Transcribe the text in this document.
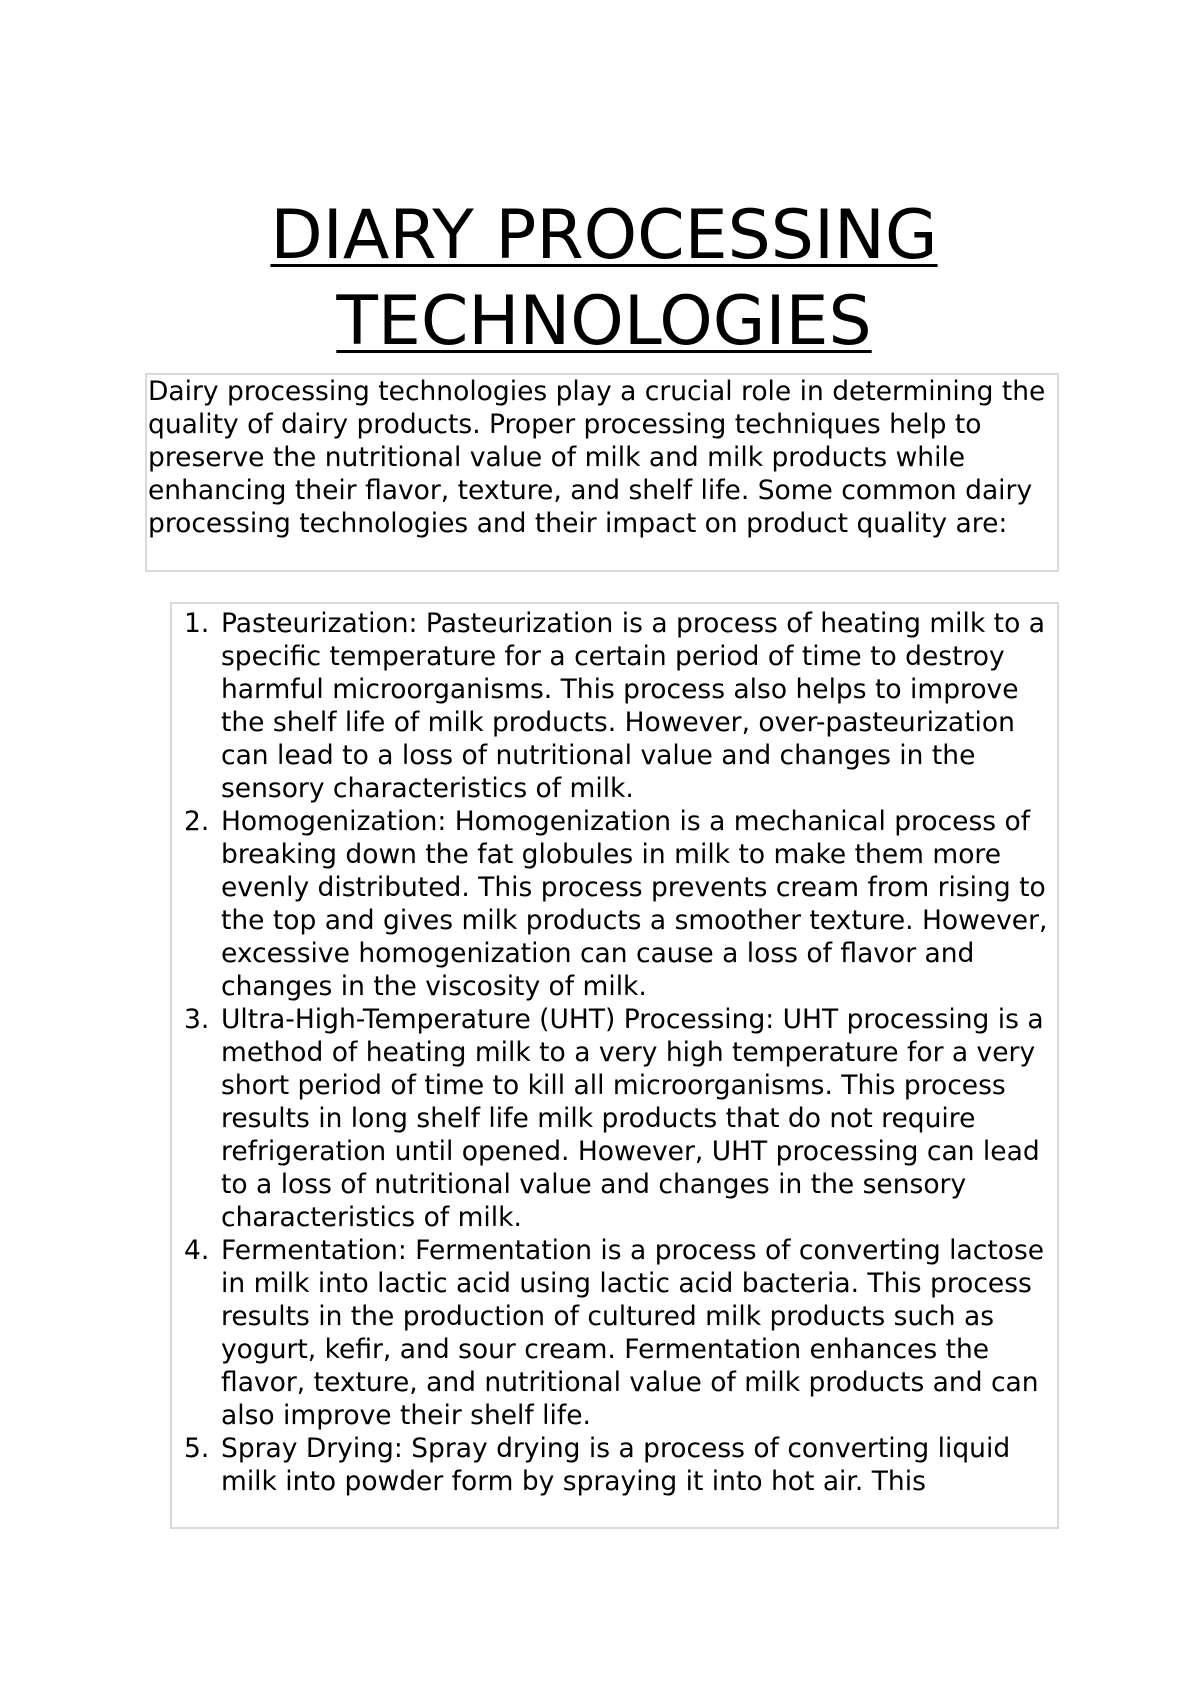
DIARY PROCESSING
TECHNOLOGIES

Dairy processing technologies play a crucial role in determining the quality of dairy products. Proper processing techniques help to preserve the nutritional value of milk and milk products while enhancing their flavor, texture, and shelf life. Some common dairy processing technologies and their impact on product quality are:

1. Pasteurization: Pasteurization is a process of heating milk to a specific temperature for a certain period of time to destroy harmful microorganisms. This process also helps to improve the shelf life of milk products. However, over-pasteurization can lead to a loss of nutritional value and changes in the sensory characteristics of milk.
2. Homogenization: Homogenization is a mechanical process of breaking down the fat globules in milk to make them more evenly distributed. This process prevents cream from rising to the top and gives milk products a smoother texture. However, excessive homogenization can cause a loss of flavor and changes in the viscosity of milk.
3. Ultra-High-Temperature (UHT) Processing: UHT processing is a method of heating milk to a very high temperature for a very short period of time to kill all microorganisms. This process results in long shelf life milk products that do not require refrigeration until opened. However, UHT processing can lead to a loss of nutritional value and changes in the sensory characteristics of milk.
4. Fermentation: Fermentation is a process of converting lactose in milk into lactic acid using lactic acid bacteria. This process results in the production of cultured milk products such as yogurt, kefir, and sour cream. Fermentation enhances the flavor, texture, and nutritional value of milk products and can also improve their shelf life.
5. Spray Drying: Spray drying is a process of converting liquid milk into powder form by spraying it into hot air. This
